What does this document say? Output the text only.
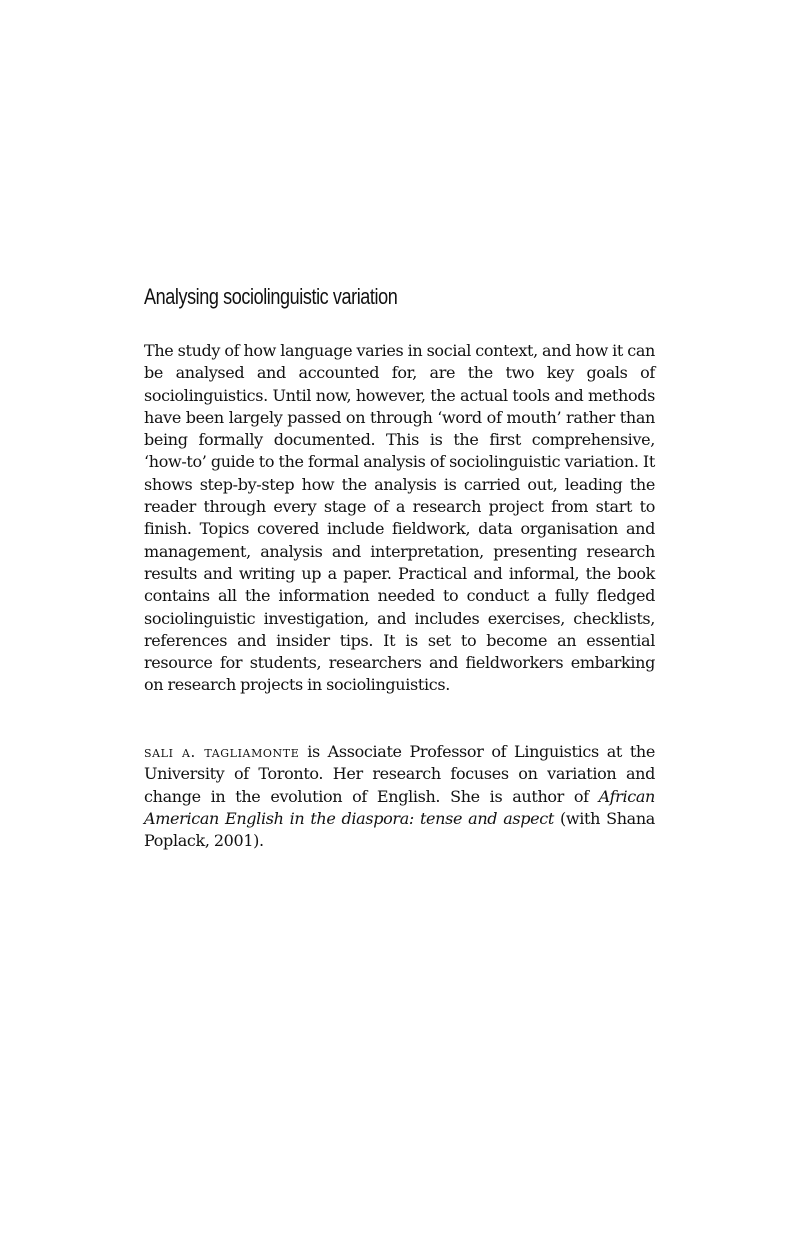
Analysing sociolinguistic variation

The study of how language varies in social context, and how it can be analysed and accounted for, are the two key goals of sociolinguistics. Until now, however, the actual tools and methods have been largely passed on through ‘word of mouth’ rather than being formally documented. This is the first comprehensive, ‘how-to’ guide to the formal analysis of sociolinguistic variation. It shows step-by-step how the analysis is carried out, leading the reader through every stage of a research project from start to finish. Topics covered include fieldwork, data organisation and management, analysis and interpretation, presenting research results and writing up a paper. Practical and informal, the book contains all the information needed to conduct a fully fledged sociolinguistic investigation, and includes exercises, checklists, references and insider tips. It is set to become an essential resource for students, researchers and fieldworkers embarking on research projects in sociolinguistics.

sali a. tagliamonte is Associate Professor of Linguistics at the University of Toronto. Her research focuses on variation and change in the evolution of English. She is author of African American English in the diaspora: tense and aspect (with Shana Poplack, 2001).
